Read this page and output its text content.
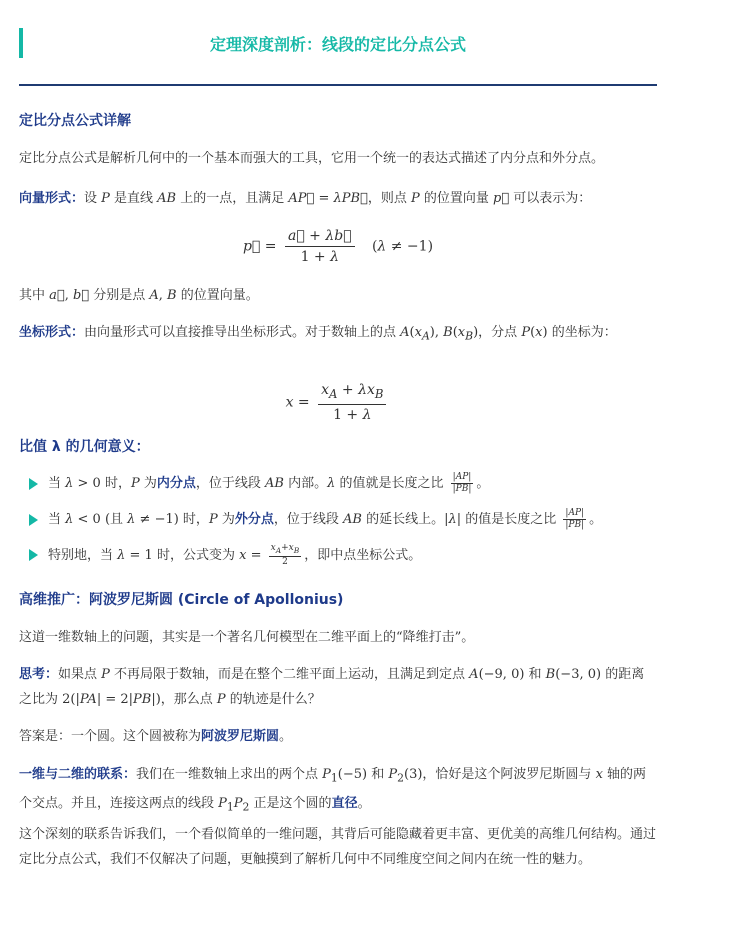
定理深度剖析：线段的定比分点公式
定比分点公式详解
定比分点公式是解析几何中的一个基本而强大的工具，它用一个统一的表达式描述了内分点和外分点。
向量形式：设 P 是直线 AB 上的一点，且满足 AP⃗ = λPB⃗，则点 P 的位置向量 p⃗ 可以表示为：
p⃗ = $\frac{a⃗ + \lambda b⃗}{1 + \lambda} (\lambda \ne -1)$
其中 a⃗, b⃗ 分别是点 A, B 的位置向量。
坐标形式：由向量形式可以直接推导出坐标形式。对于数轴上的点 $A(x_A)$, $B(x_B)$，分点 P(x) 的坐标为：
$x = \frac{x_A + \lambda x_B}{1 + \lambda}$
比值 λ 的几何意义：
当 λ > 0 时，P 为内分点，位于线段 AB 内部。λ 的值就是长度之比 $\frac{|AP|}{|PB|}$ 。
当 λ < 0 (且 λ ≠ −1) 时，P 为外分点，位于线段 AB 的延长线上。|λ| 的值是长度之比 $\frac{|AP|}{|PB|}$ 。
特别地，当 λ = 1 时，公式变为 $x = \frac{x_A+x_B}{2}$ ，即中点坐标公式。
高维推广：阿波罗尼斯圆 (Circle of Apollonius)
这道一维数轴上的问题，其实是一个著名几何模型在二维平面上的“降维打击”。
思考：如果点 P 不再局限于数轴，而是在整个二维平面上运动，且满足到定点 A(−9, 0) 和 B(−3, 0) 的距离之比为 2(|PA| = 2|PB|)，那么点 P 的轨迹是什么？
答案是：一个圆。这个圆被称为阿波罗尼斯圆。
一维与二维的联系：我们在一维数轴上求出的两个点 $P_1(-5)$ 和 $P_2(3)$，恰好是这个阿波罗尼斯圆与 x 轴的两个交点。并且，连接这两点的线段 $P_1P_2$ 正是这个圆的直径。
这个深刻的联系告诉我们，一个看似简单的一维问题，其背后可能隐藏着更丰富、更优美的高维几何结构。通过定比分点公式，我们不仅解决了问题，更触摸到了解析几何中不同维度空间之间内在统一性的魅力。
